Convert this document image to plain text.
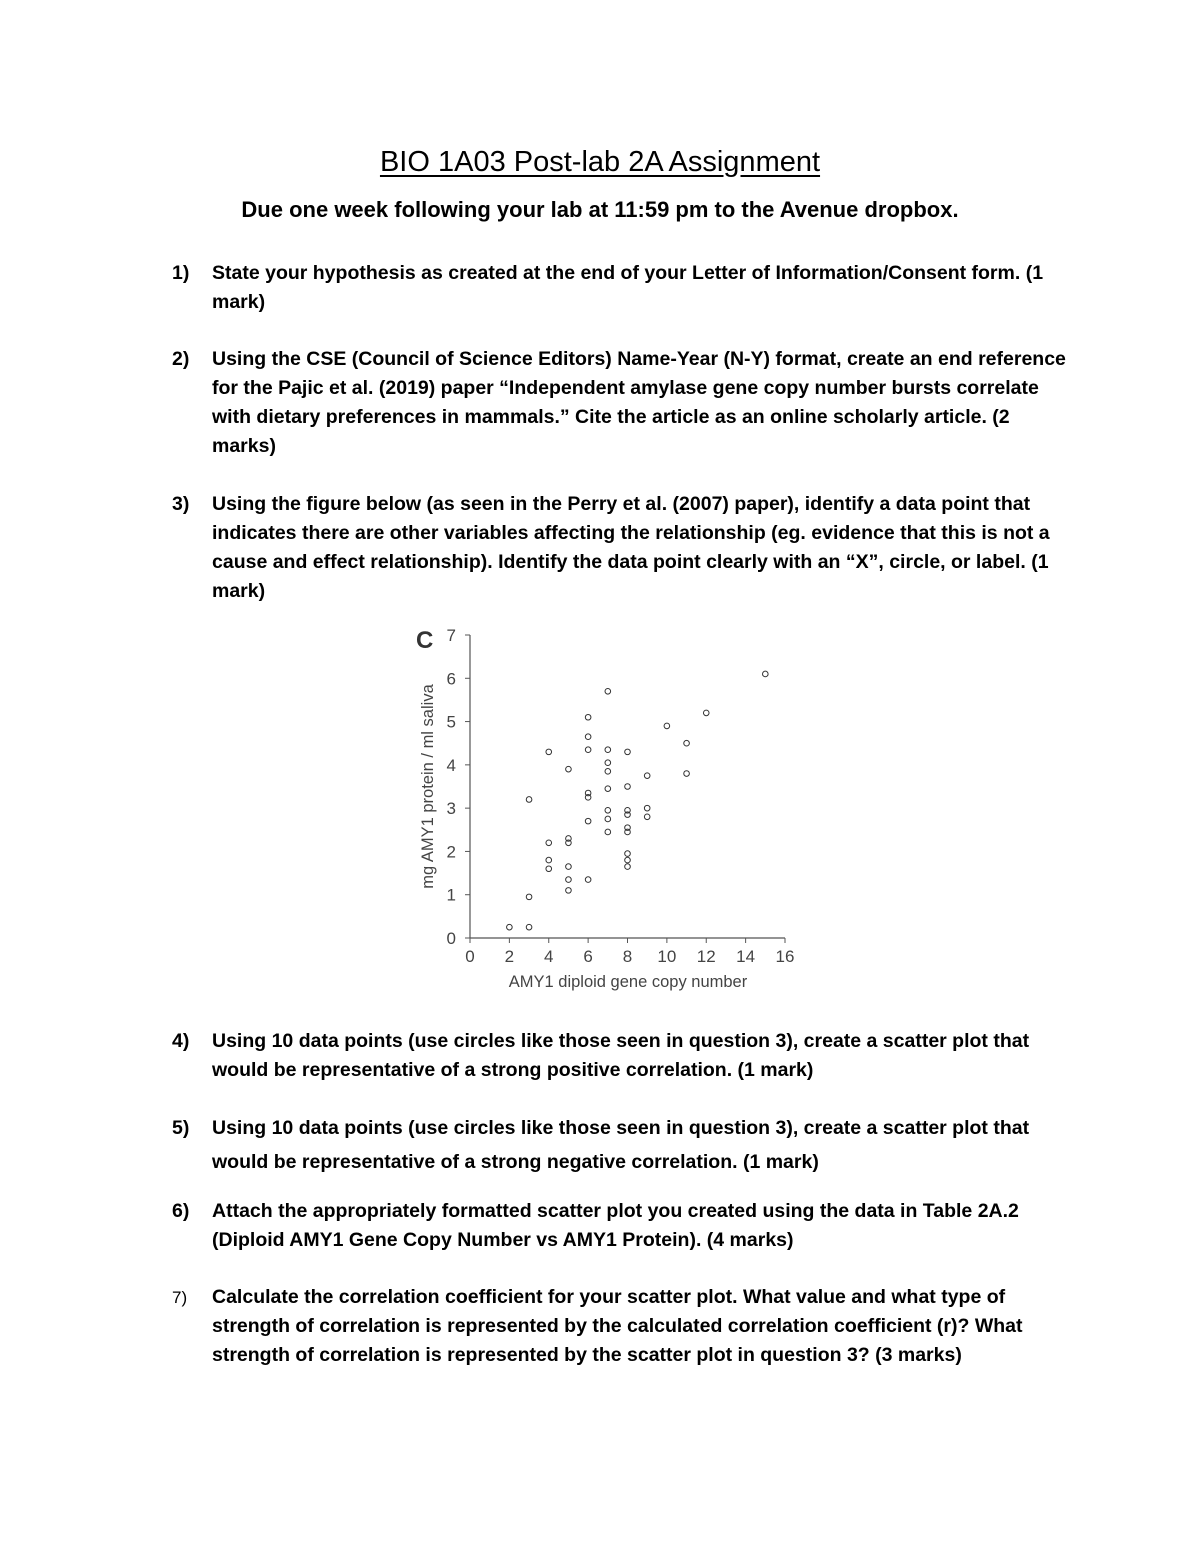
BIO 1A03 Post-lab 2A Assignment
Due one week following your lab at 11:59 pm to the Avenue dropbox.
1)	State your hypothesis as created at the end of your Letter of Information/Consent form. (1 mark)
2)	Using the CSE (Council of Science Editors) Name-Year (N-Y) format, create an end reference for the Pajic et al. (2019) paper “Independent amylase gene copy number bursts correlate with dietary preferences in mammals.” Cite the article as an online scholarly article. (2 marks)
3)	Using the figure below (as seen in the Perry et al. (2007) paper), identify a data point that indicates there are other variables affecting the relationship (eg. evidence that this is not a cause and effect relationship). Identify the data point clearly with an “X”, circle, or label. (1 mark)
0 2 4 6 8 10 12 14 16
0
1
2
3
4
5
6
7
C
AMY1 diploid gene copy number
mg AMY1 protein / ml saliva
4)	Using 10 data points (use circles like those seen in question 3), create a scatter plot that would be representative of a strong positive correlation. (1 mark)
5)	Using 10 data points (use circles like those seen in question 3), create a scatter plot that would be representative of a strong negative correlation. (1 mark)
6)	Attach the appropriately formatted scatter plot you created using the data in Table 2A.2 (Diploid AMY1 Gene Copy Number vs AMY1 Protein). (4 marks)
7)	Calculate the correlation coefficient for your scatter plot. What value and what type of strength of correlation is represented by the calculated correlation coefficient (r)? What strength of correlation is represented by the scatter plot in question 3? (3 marks)
